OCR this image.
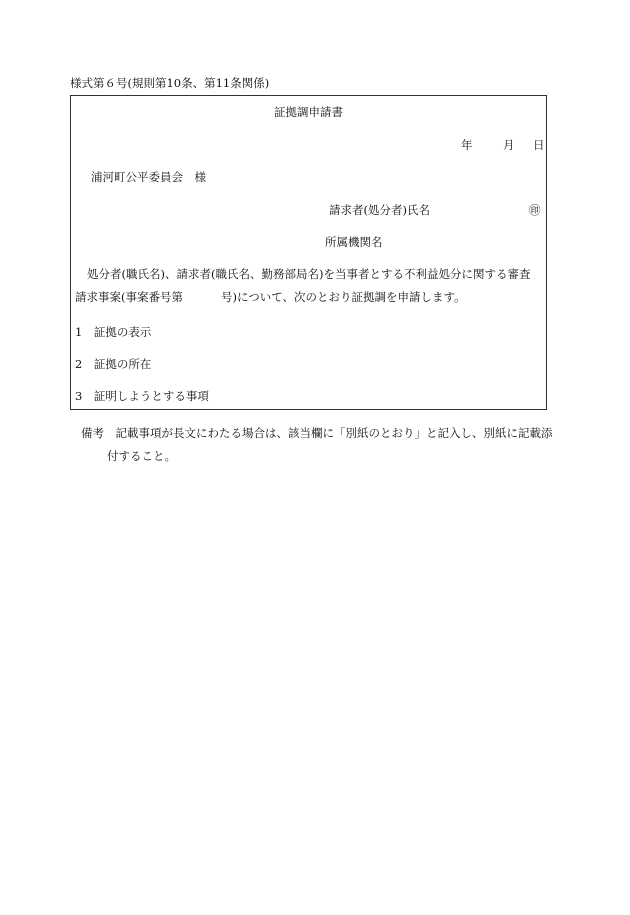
様式第６号(規則第10条、第11条関係)
証拠調申請書
年	月 日
浦河町公平委員会　様
請求者(処分者)氏名	㊞
所属機関名
処分者(職氏名)、請求者(職氏名、勤務部局名)を当事者とする不利益処分に関する審査
請求事案(事案番号第	号)について、次のとおり証拠調を申請します。
1　証拠の表示
2　証拠の所在
3　証明しようとする事項
備考　記載事項が長文にわたる場合は、該当欄に「別紙のとおり」と記入し、別紙に記載添
付すること。
